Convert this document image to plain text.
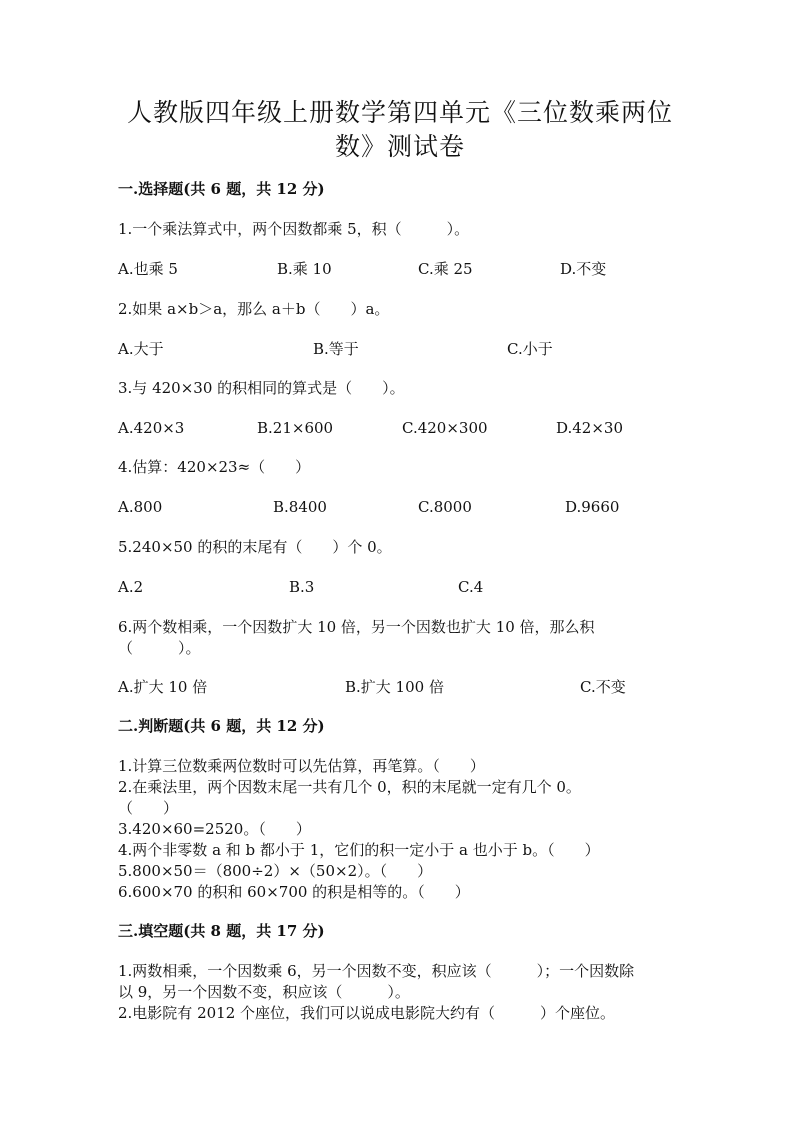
人教版四年级上册数学第四单元《三位数乘两位
数》测试卷
一.选择题(共 6 题，共 12 分)
1.一个乘法算式中，两个因数都乘 5，积（　　　）。
A.也乘 5	B.乘 10	C.乘 25	D.不变
2.如果 a×b＞a，那么 a＋b（　　）a。
A.大于	B.等于	C.小于
3.与 420×30 的积相同的算式是（　　）。
A.420×3	B.21×600	C.420×300	D.42×30
4.估算：420×23≈（　　）
A.800	B.8400	C.8000	D.9660
5.240×50 的积的末尾有（　　）个 0。
A.2	B.3	C.4
6.两个数相乘，一个因数扩大 10 倍，另一个因数也扩大 10 倍，那么积
（　　　）。
A.扩大 10 倍	B.扩大 100 倍	C.不变
二.判断题(共 6 题，共 12 分)
1.计算三位数乘两位数时可以先估算，再笔算。（　　）
2.在乘法里，两个因数末尾一共有几个 0，积的末尾就一定有几个 0。
（　　）
3.420×60=2520。（　　）
4.两个非零数 a 和 b 都小于 1，它们的积一定小于 a 也小于 b。（　　）
5.800×50＝（800÷2）×（50×2）。（　　）
6.600×70 的积和 60×700 的积是相等的。（　　）
三.填空题(共 8 题，共 17 分)
1.两数相乘，一个因数乘 6，另一个因数不变，积应该（　　　）；一个因数除
以 9，另一个因数不变，积应该（　　　）。
2.电影院有 2012 个座位，我们可以说成电影院大约有（　　　）个座位。
